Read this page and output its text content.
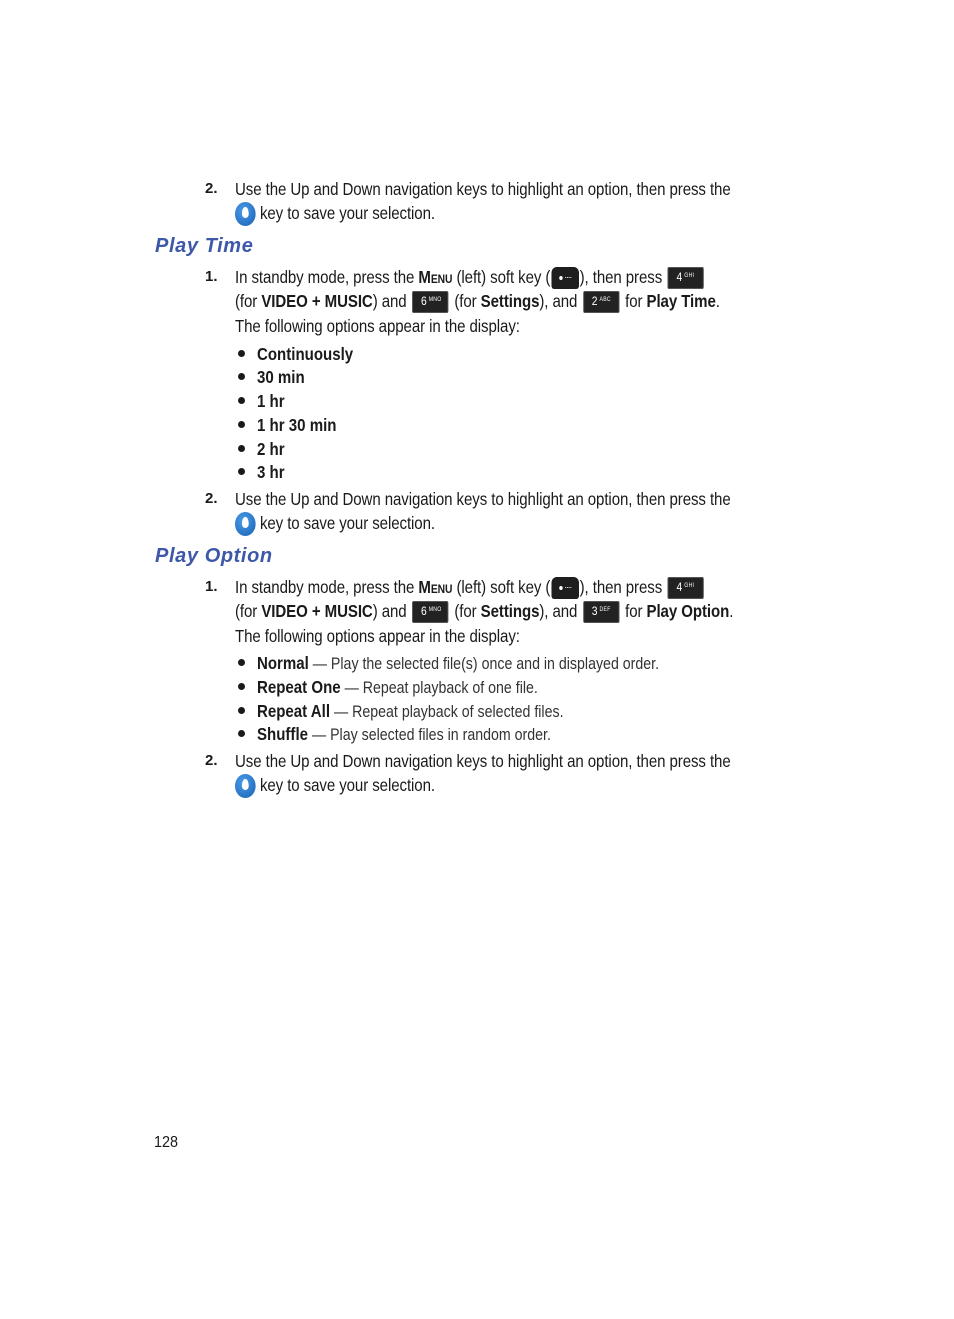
2. Use the Up and Down navigation keys to highlight an option, then press the
key to save your selection.
Play Time
1. In standby mode, press the Menu (left) soft key ( ), then press 4 GHI
(for VIDEO + MUSIC) and 6 MNO (for Settings), and 2 ABC for Play Time.
The following options appear in the display:
Continuously
30 min
1 hr
1 hr 30 min
2 hr
3 hr
2. Use the Up and Down navigation keys to highlight an option, then press the
key to save your selection.
Play Option
1. In standby mode, press the Menu (left) soft key ( ), then press 4 GHI
(for VIDEO + MUSIC) and 6 MNO (for Settings), and 3 DEF for Play Option.
The following options appear in the display:
Normal — Play the selected file(s) once and in displayed order.
Repeat One — Repeat playback of one file.
Repeat All — Repeat playback of selected files.
Shuffle — Play selected files in random order.
2. Use the Up and Down navigation keys to highlight an option, then press the
key to save your selection.
128
